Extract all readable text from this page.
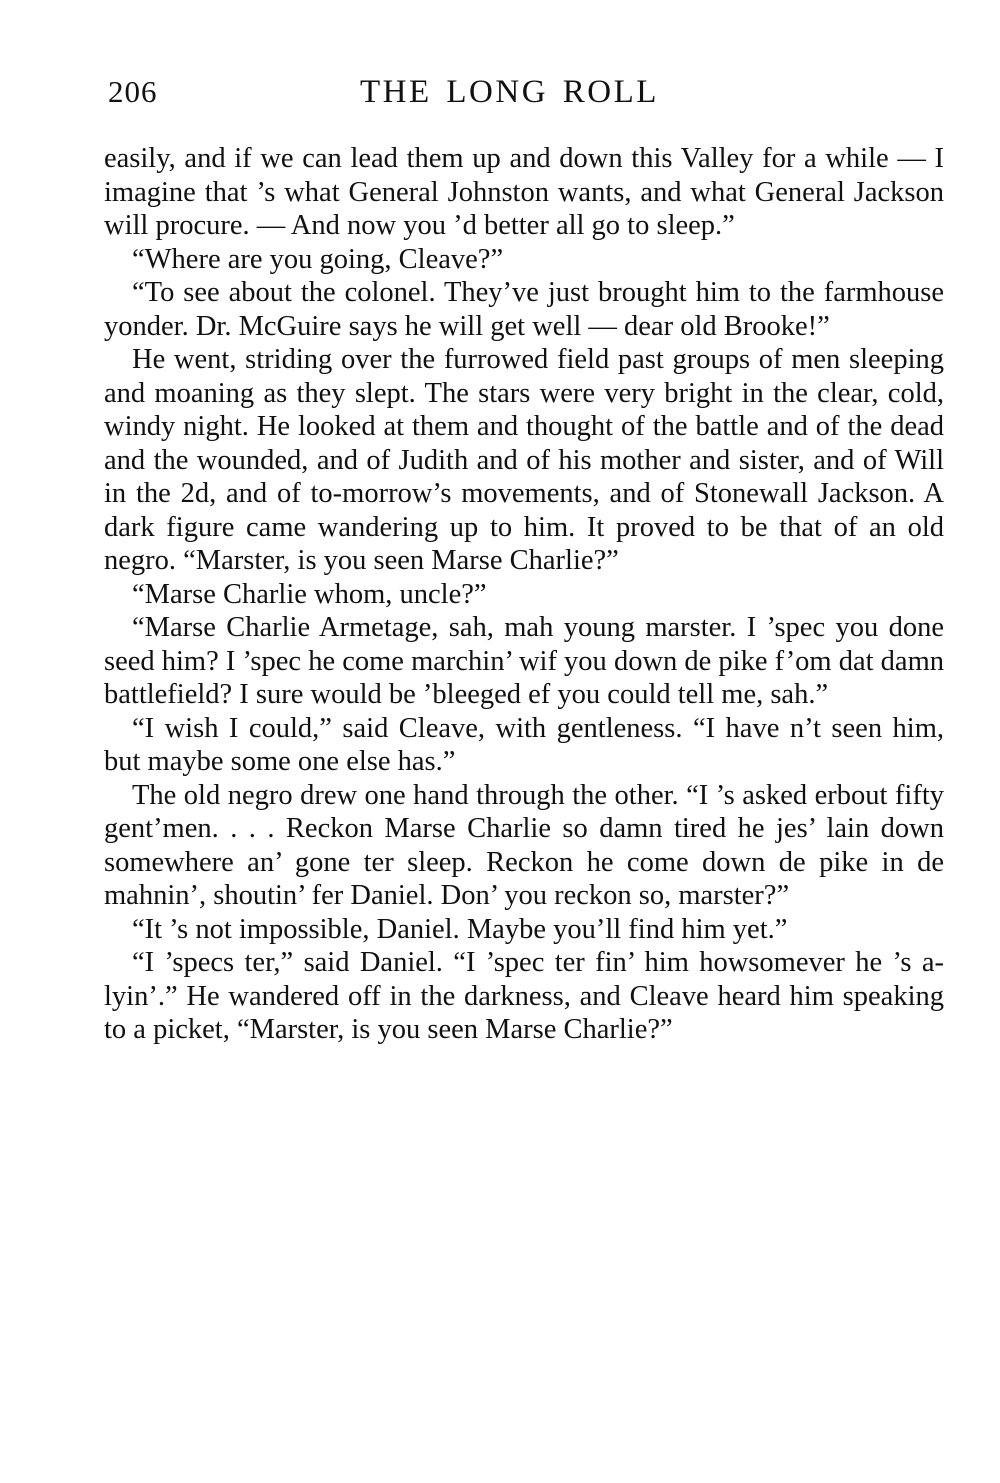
206	THE LONG ROLL

easily, and if we can lead them up and down this Valley for a while — I imagine that ’s what General Johnston wants, and what General Jackson will procure. — And now you ’d better all go to sleep.”

“Where are you going, Cleave?”

“To see about the colonel. They’ve just brought him to the farmhouse yonder. Dr. McGuire says he will get well — dear old Brooke!”

He went, striding over the furrowed field past groups of men sleeping and moaning as they slept. The stars were very bright in the clear, cold, windy night. He looked at them and thought of the battle and of the dead and the wounded, and of Judith and of his mother and sister, and of Will in the 2d, and of to-morrow’s movements, and of Stonewall Jackson. A dark figure came wandering up to him. It proved to be that of an old negro. “Marster, is you seen Marse Charlie?”

“Marse Charlie whom, uncle?”

“Marse Charlie Armetage, sah, mah young marster. I ’spec you done seed him? I ’spec he come marchin’ wif you down de pike f’om dat damn battlefield? I sure would be ’bleeged ef you could tell me, sah.”

“I wish I could,” said Cleave, with gentleness. “I have n’t seen him, but maybe some one else has.”

The old negro drew one hand through the other. “I ’s asked erbout fifty gent’men. . . . Reckon Marse Charlie so damn tired he jes’ lain down somewhere an’ gone ter sleep. Reckon he come down de pike in de mahnin’, shoutin’ fer Daniel. Don’ you reckon so, marster?”

“It ’s not impossible, Daniel. Maybe you’ll find him yet.”

“I ’specs ter,” said Daniel. “I ’spec ter fin’ him howsomever he ’s a-lyin’.” He wandered off in the darkness, and Cleave heard him speaking to a picket, “Marster, is you seen Marse Charlie?”
